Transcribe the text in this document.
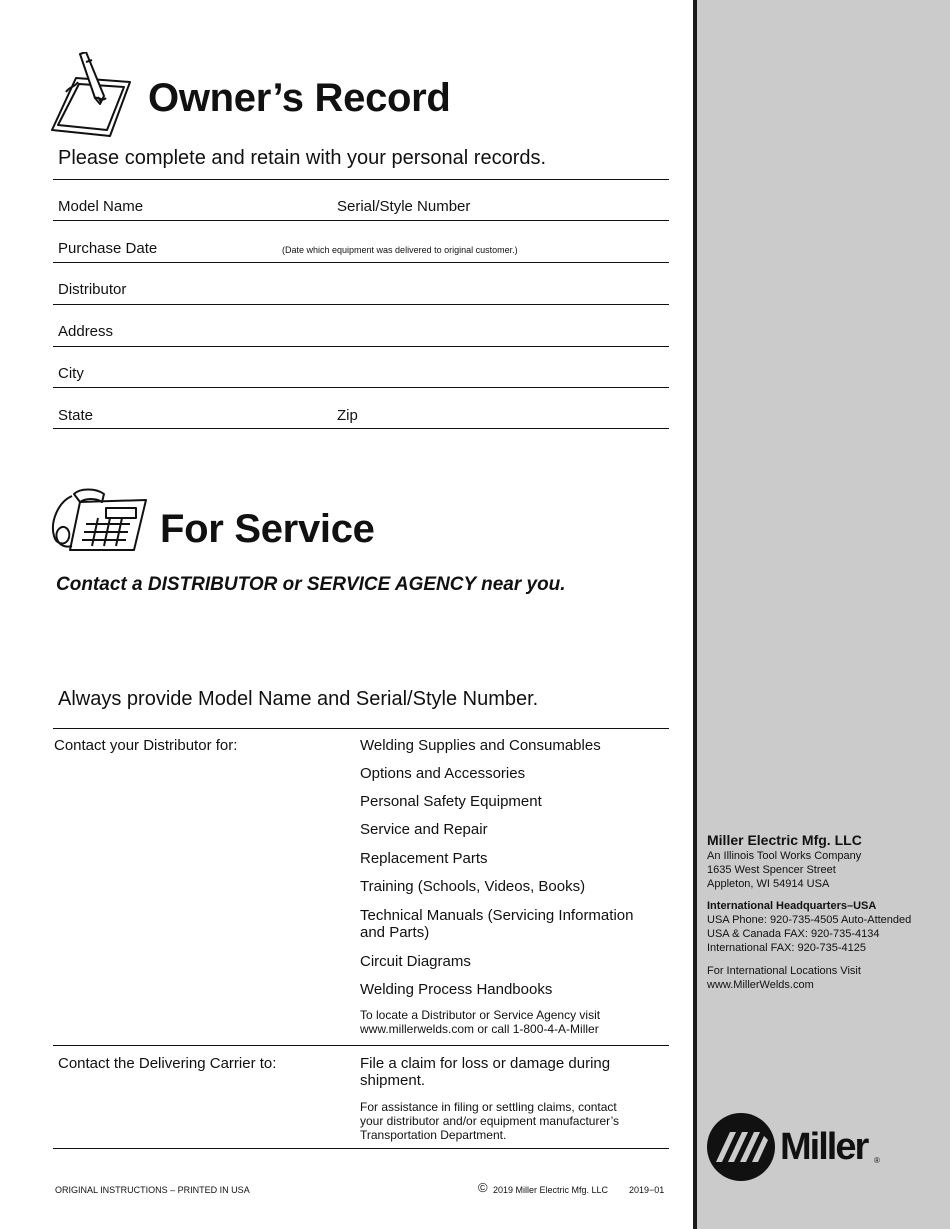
Owner’s Record
Please complete and retain with your personal records.
Model Name	Serial/Style Number
Purchase Date	(Date which equipment was delivered to original customer.)
Distributor
Address
City
State	Zip
For Service
Contact a DISTRIBUTOR or SERVICE AGENCY near you.
Always provide Model Name and Serial/Style Number.
Contact your Distributor for:	Welding Supplies and Consumables
Options and Accessories
Personal Safety Equipment
Service and Repair
Replacement Parts
Training (Schools, Videos, Books)
Technical Manuals (Servicing Information and Parts)
Circuit Diagrams
Welding Process Handbooks
To locate a Distributor or Service Agency visit www.millerwelds.com or call 1-800-4-A-Miller
Contact the Delivering Carrier to:	File a claim for loss or damage during shipment.
For assistance in filing or settling claims, contact your distributor and/or equipment manufacturer’s Transportation Department.
ORIGINAL INSTRUCTIONS – PRINTED IN USA	© 2019 Miller Electric Mfg. LLC 2019−01
Miller Electric Mfg. LLC
An Illinois Tool Works Company
1635 West Spencer Street
Appleton, WI 54914 USA
International Headquarters–USA
USA Phone: 920-735-4505 Auto-Attended
USA & Canada FAX: 920-735-4134
International FAX: 920-735-4125
For International Locations Visit
www.MillerWelds.com
Miller ®
